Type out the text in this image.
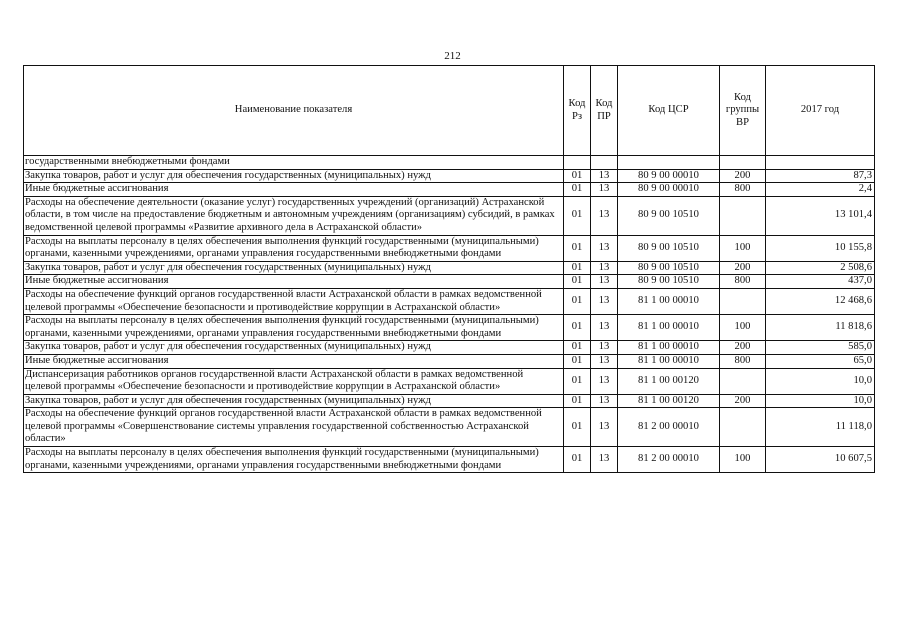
212
Наименование показателя	Код Рз	Код ПР	Код ЦСР	Код группы ВР	2017 год
государственными внебюджетными фондами					
Закупка товаров, работ и услуг для обеспечения государственных (муниципальных) нужд	01	13	80 9 00 00010	200	87,3
Иные бюджетные ассигнования	01	13	80 9 00 00010	800	2,4
Расходы на обеспечение деятельности (оказание услуг) государственных учреждений (организаций) Астраханской области, в том числе на предоставление бюджетным и автономным учреждениям (организациям) субсидий, в рамках ведомственной целевой программы «Развитие архивного дела в Астраханской области»	01	13	80 9 00 10510		13 101,4
Расходы на выплаты персоналу в целях обеспечения выполнения функций государственными (муниципальными) органами, казенными учреждениями, органами управления государственными внебюджетными фондами	01	13	80 9 00 10510	100	10 155,8
Закупка товаров, работ и услуг для обеспечения государственных (муниципальных) нужд	01	13	80 9 00 10510	200	2 508,6
Иные бюджетные ассигнования	01	13	80 9 00 10510	800	437,0
Расходы на обеспечение функций органов государственной власти Астраханской области в рамках ведомственной целевой программы «Обеспечение безопасности и противодействие коррупции в Астраханской области»	01	13	81 1 00 00010		12 468,6
Расходы на выплаты персоналу в целях обеспечения выполнения функций государственными (муниципальными) органами, казенными учреждениями, органами управления государственными внебюджетными фондами	01	13	81 1 00 00010	100	11 818,6
Закупка товаров, работ и услуг для обеспечения государственных (муниципальных) нужд	01	13	81 1 00 00010	200	585,0
Иные бюджетные ассигнования	01	13	81 1 00 00010	800	65,0
Диспансеризация работников органов государственной власти Астраханской области в рамках ведомственной целевой программы «Обеспечение безопасности и противодействие коррупции в Астраханской области»	01	13	81 1 00 00120		10,0
Закупка товаров, работ и услуг для обеспечения государственных (муниципальных) нужд	01	13	81 1 00 00120	200	10,0
Расходы на обеспечение функций органов государственной власти Астраханской области в рамках ведомственной целевой программы «Совершенствование системы управления государственной собственностью Астраханской области»	01	13	81 2 00 00010		11 118,0
Расходы на выплаты персоналу в целях обеспечения выполнения функций государственными (муниципальными) органами, казенными учреждениями, органами управления государственными внебюджетными фондами	01	13	81 2 00 00010	100	10 607,5
